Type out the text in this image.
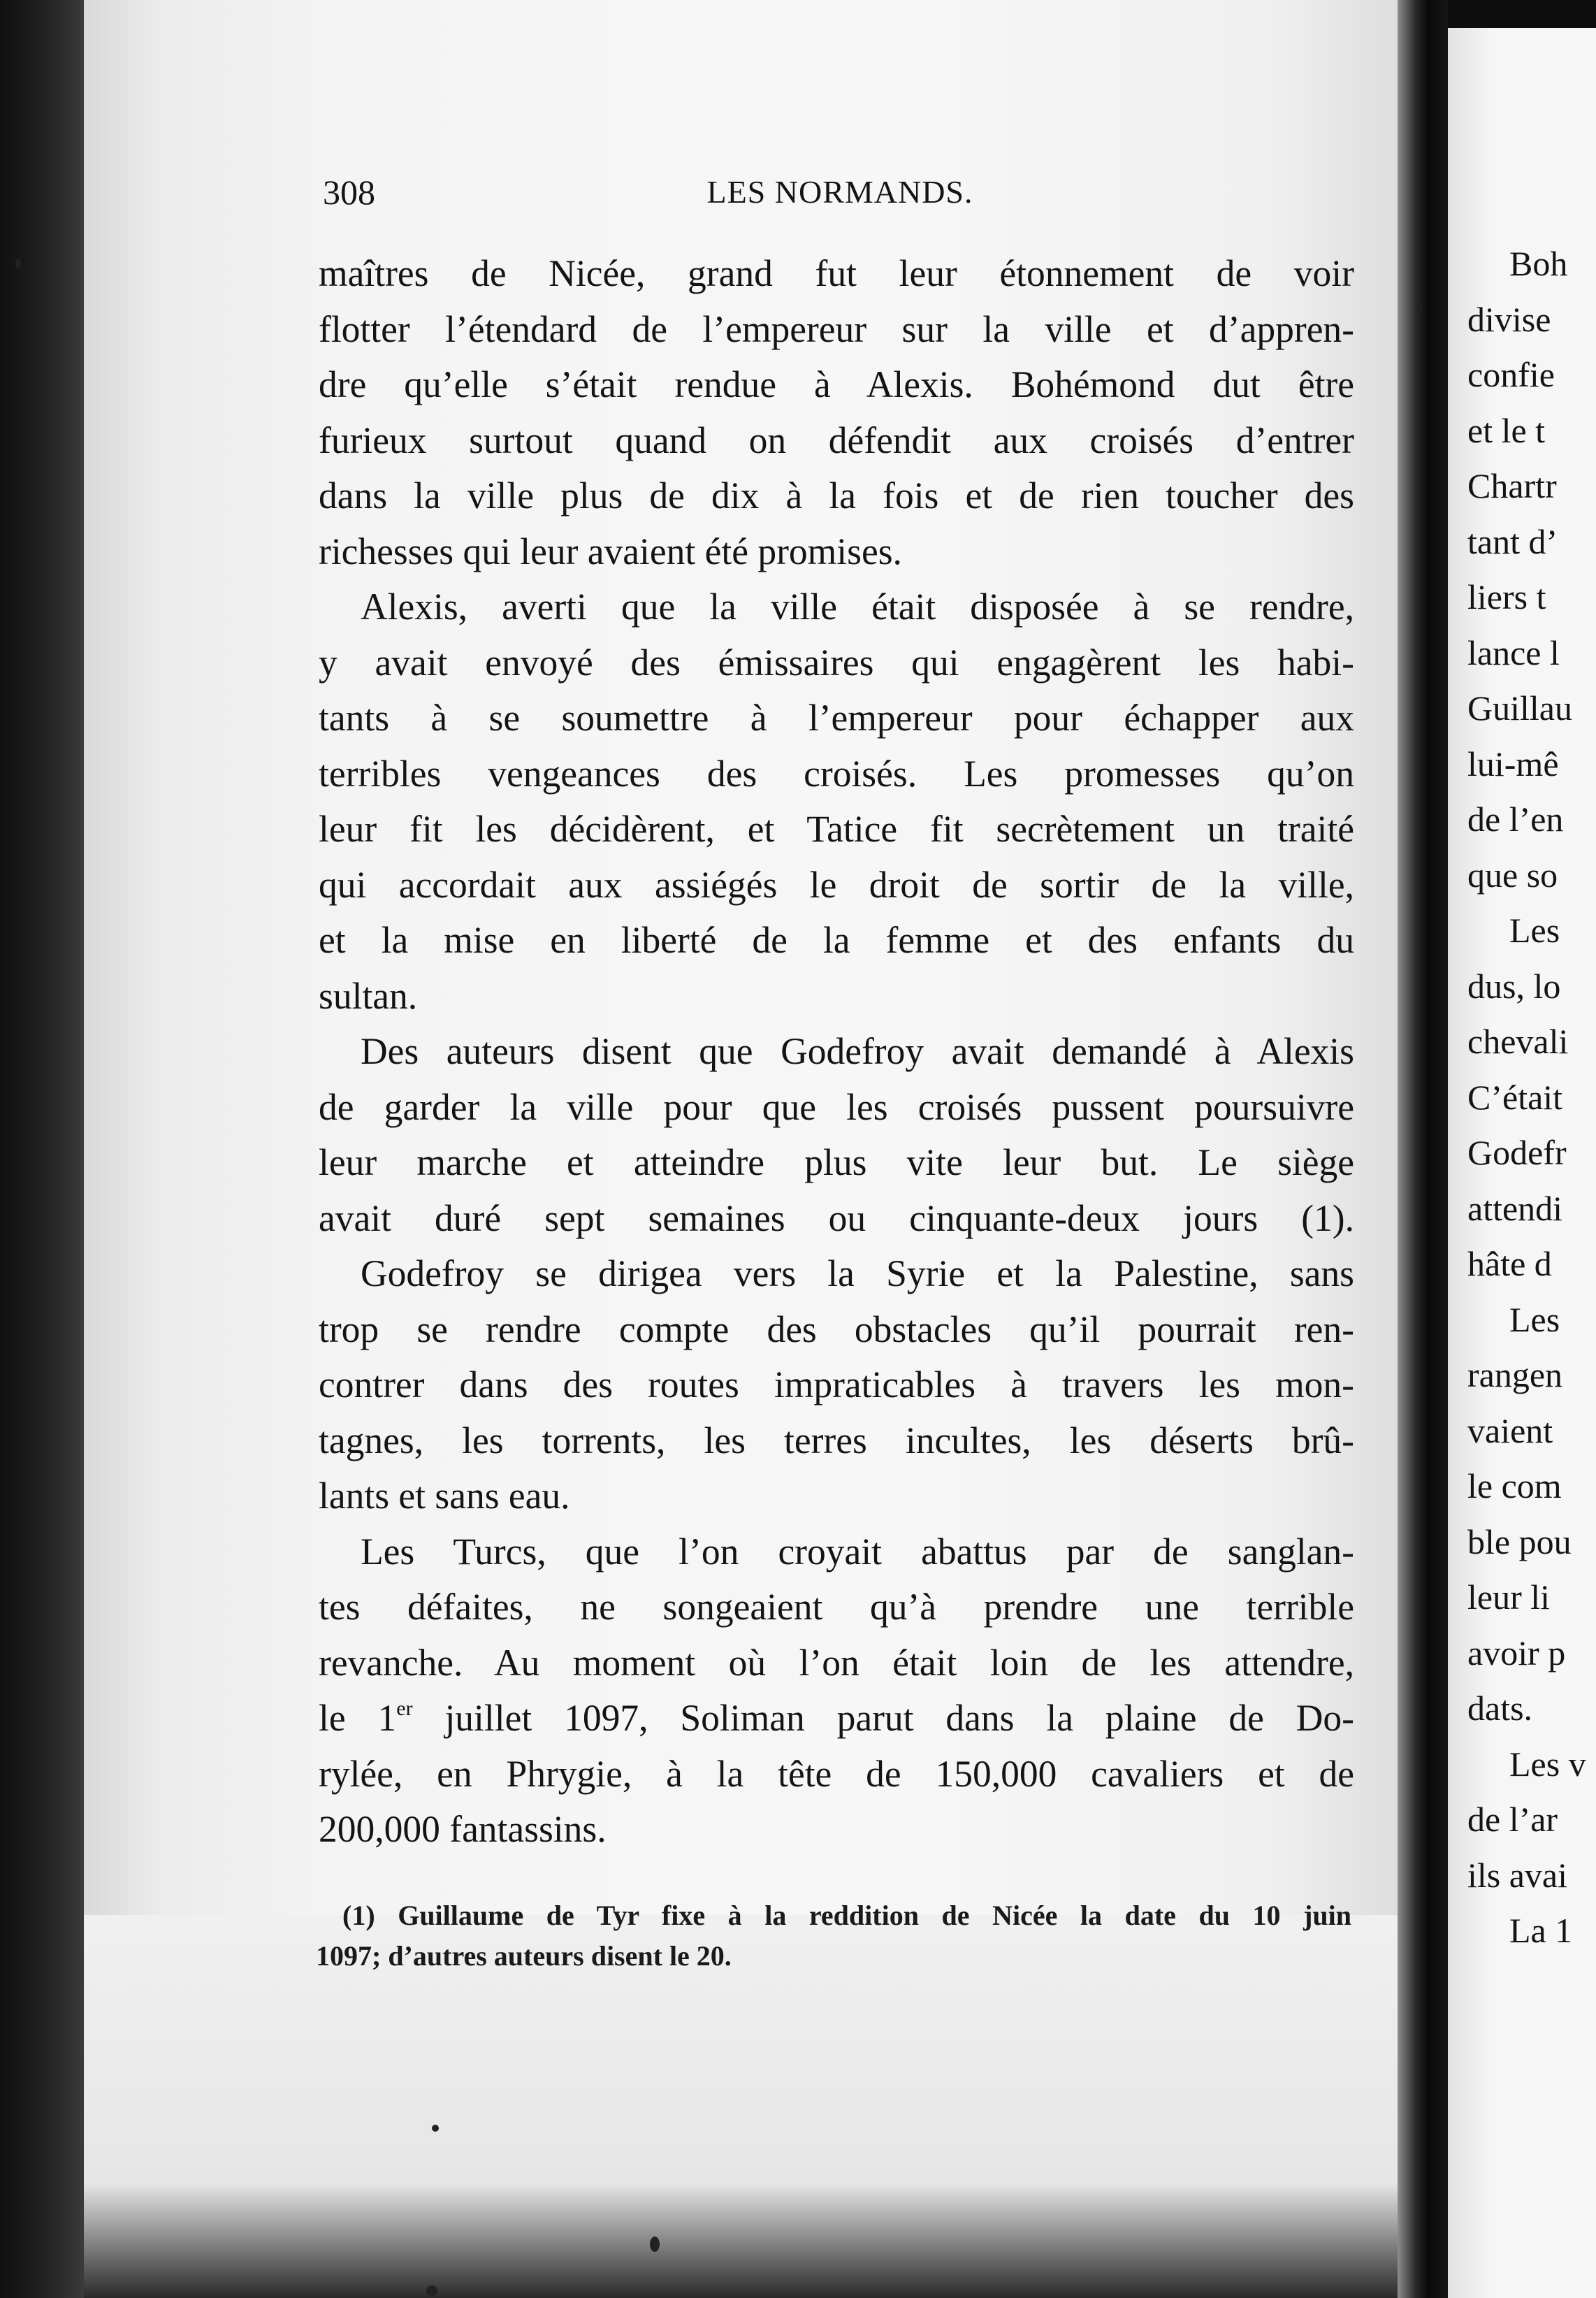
308	LES NORMANDS.
maîtres de Nicée, grand fut leur étonnement de voir
flotter l’étendard de l’empereur sur la ville et d’appren-
dre qu’elle s’était rendue à Alexis. Bohémond dut être
furieux surtout quand on défendit aux croisés d’entrer
dans la ville plus de dix à la fois et de rien toucher des
richesses qui leur avaient été promises.
Alexis, averti que la ville était disposée à se rendre,
y avait envoyé des émissaires qui engagèrent les habi-
tants à se soumettre à l’empereur pour échapper aux
terribles vengeances des croisés. Les promesses qu’on
leur fit les décidèrent, et Tatice fit secrètement un traité
qui accordait aux assiégés le droit de sortir de la ville,
et la mise en liberté de la femme et des enfants du
sultan.
Des auteurs disent que Godefroy avait demandé à Alexis
de garder la ville pour que les croisés pussent poursuivre
leur marche et atteindre plus vite leur but. Le siège
avait duré sept semaines ou cinquante-deux jours (1).
Godefroy se dirigea vers la Syrie et la Palestine, sans
trop se rendre compte des obstacles qu’il pourrait ren-
contrer dans des routes impraticables à travers les mon-
tagnes, les torrents, les terres incultes, les déserts brû-
lants et sans eau.
Les Turcs, que l’on croyait abattus par de sanglan-
tes défaites, ne songeaient qu’à prendre une terrible
revanche. Au moment où l’on était loin de les attendre,
le 1er juillet 1097, Soliman parut dans la plaine de Do-
rylée, en Phrygie, à la tête de 150,000 cavaliers et de
200,000 fantassins.
(1) Guillaume de Tyr fixe à la reddition de Nicée la date du 10 juin
1097; d’autres auteurs disent le 20.
Boh
divise
confie
et le t
Chartr
tant d’
liers t
lance l
Guillau
lui-mê
de l’en
que so
Les
dus, lo
chevali
C’était
Godefr
attendi
hâte d
Les
rangen
vaient
le com
ble pou
leur li
avoir p
dats.
Les v
de l’ar
ils avai
La 1
